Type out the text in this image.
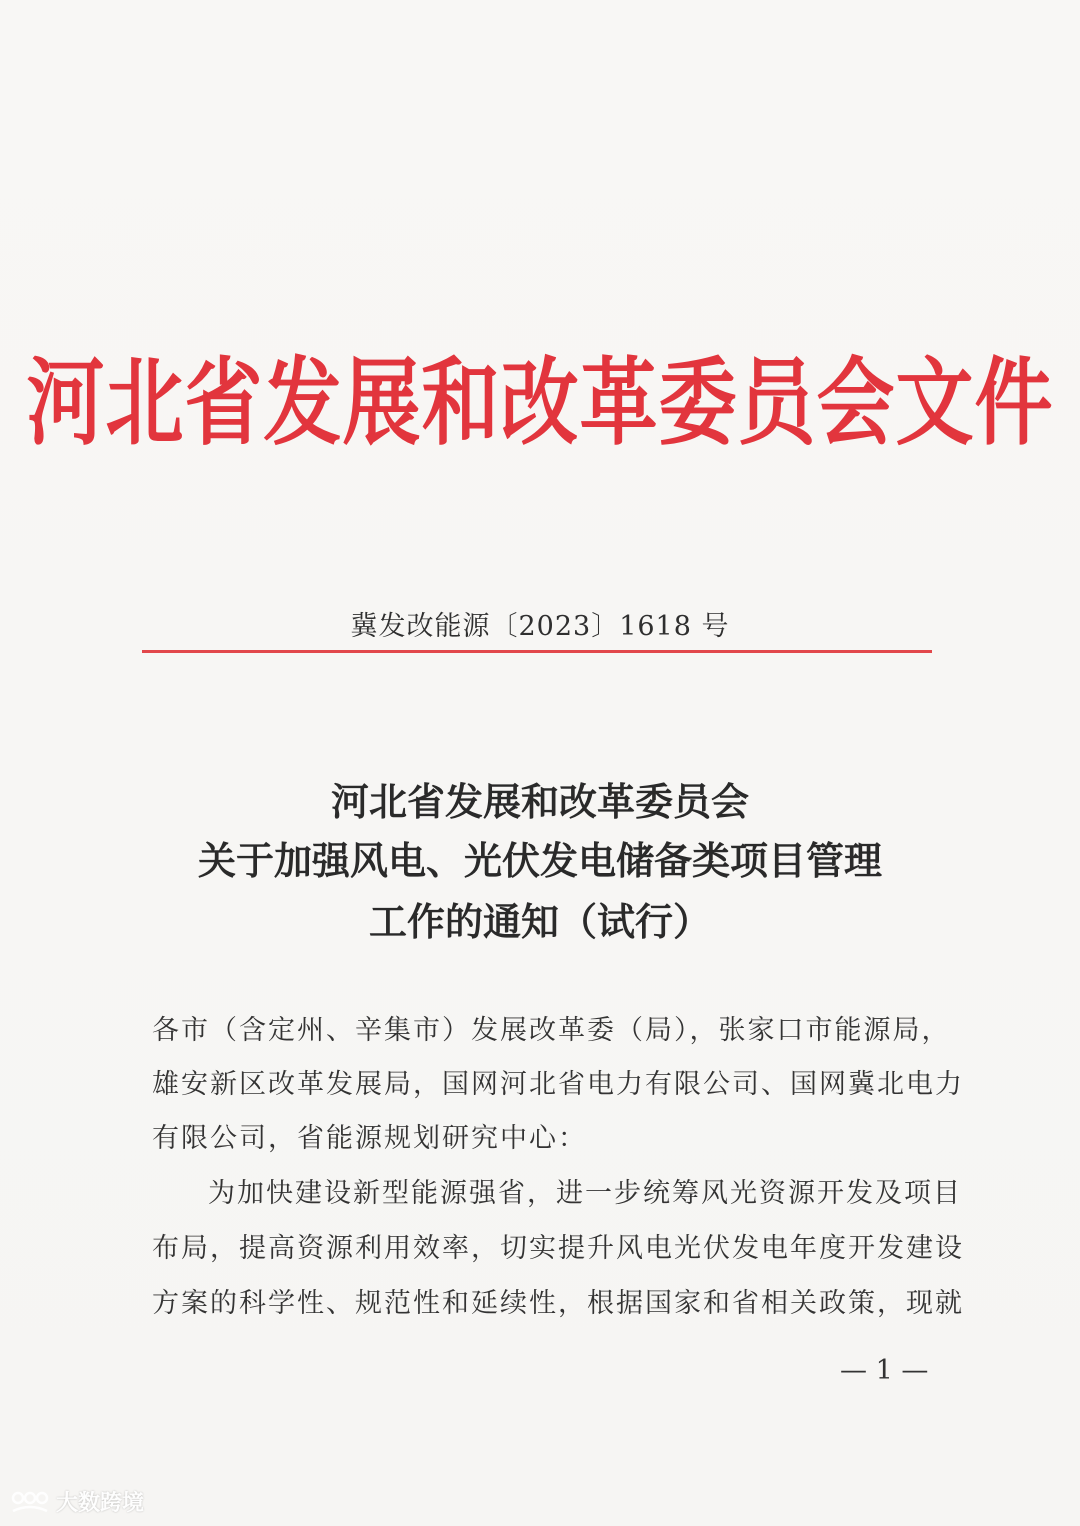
河北省发展和改革委员会文件
冀发改能源〔2023〕1618 号
河北省发展和改革委员会
关于加强风电、光伏发电储备类项目管理
工作的通知（试行）
各市（含定州、辛集市）发展改革委（局），张家口市能源局，
雄安新区改革发展局，国网河北省电力有限公司、国网冀北电力
有限公司，省能源规划研究中心：
为加快建设新型能源强省，进一步统筹风光资源开发及项目
布局，提高资源利用效率，切实提升风电光伏发电年度开发建设
方案的科学性、规范性和延续性，根据国家和省相关政策，现就
— 1 —
大数跨境
